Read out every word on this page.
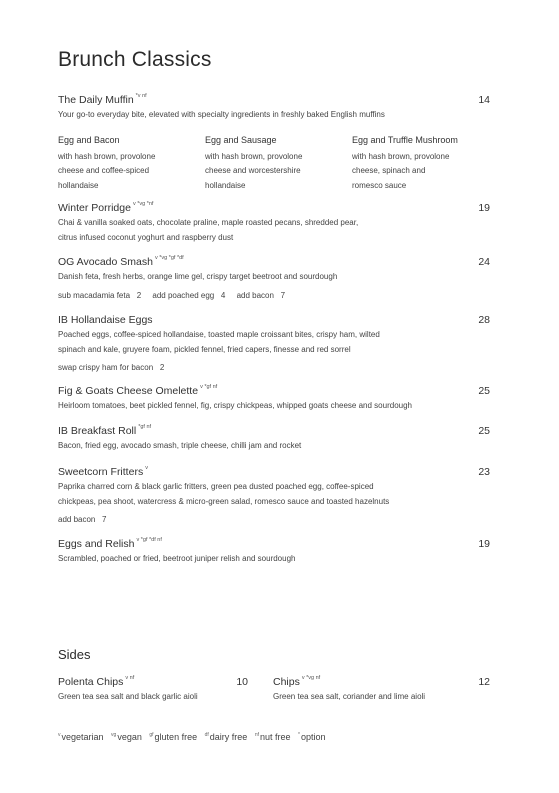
Brunch Classics
The Daily Muffin $^{*v nf}$	14
Your go-to everyday bite, elevated with specialty ingredients in freshly baked English muffins
Egg and Bacon
with hash brown, provolone
cheese and coffee-spiced
hollandaise
Egg and Sausage
with hash brown, provolone
cheese and worcestershire
hollandaise
Egg and Truffle Mushroom
with hash brown, provolone
cheese, spinach and
romesco sauce
Winter Porridge $^{v *vg *nf}$	19
Chai & vanilla soaked oats, chocolate praline, maple roasted pecans, shredded pear,
citrus infused coconut yoghurt and raspberry dust
OG Avocado Smash $^{v *vg *gf *df}$	24
Danish feta, fresh herbs, orange lime gel, crispy target beetroot and sourdough
sub macadamia feta   2 add poached egg   4 add bacon   7
IB Hollandaise Eggs	28
Poached eggs, coffee-spiced hollandaise, toasted maple croissant bites, crispy ham, wilted
spinach and kale, gruyere foam, pickled fennel, fried capers, finesse and red sorrel
swap crispy ham for bacon   2
Fig & Goats Cheese Omelette $^{v *gf nf}$	25
Heirloom tomatoes, beet pickled fennel, fig, crispy chickpeas, whipped goats cheese and sourdough
IB Breakfast Roll $^{*gf nf}$	25
Bacon, fried egg, avocado smash, triple cheese, chilli jam and rocket
Sweetcorn Fritters $^v$	23
Paprika charred corn & black garlic fritters, green pea dusted poached egg, coffee-spiced
chickpeas, pea shoot, watercress & micro-green salad, romesco sauce and toasted hazelnuts
add bacon   7
Eggs and Relish $^{v *gf *df nf}$	19
Scrambled, poached or fried, beetroot juniper relish and sourdough
Sides
Polenta Chips $^{v nf}$	10
Green tea sea salt and black garlic aioli
Chips $^{v *vg nf}$	12
Green tea sea salt, coriander and lime aioli
$^v$vegetarian $^{vg}$vegan $^{gf}$gluten free $^{df}$dairy free $^{nf}$nut free *option
